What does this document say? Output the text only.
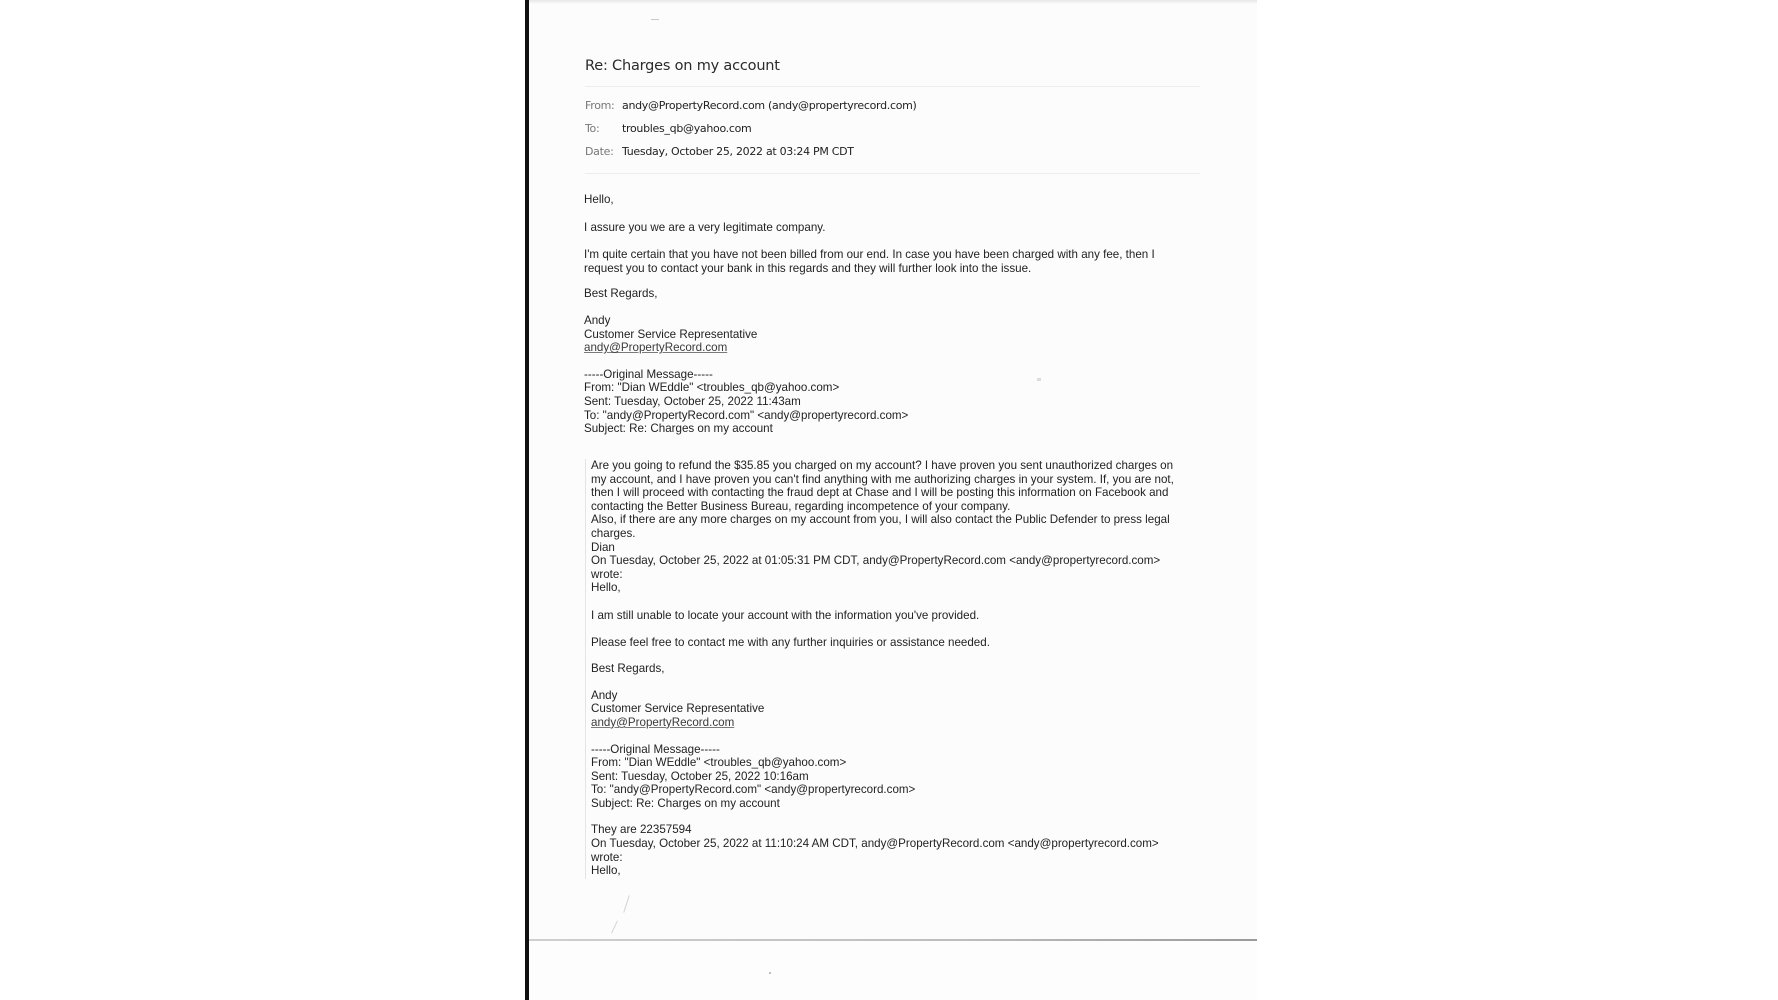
Re: Charges on my account
From: andy@PropertyRecord.com (andy@propertyrecord.com)
To: troubles_qb@yahoo.com
Date: Tuesday, October 25, 2022 at 03:24 PM CDT
Hello,
I assure you we are a very legitimate company.
I'm quite certain that you have not been billed from our end. In case you have been charged with any fee, then I
request you to contact your bank in this regards and they will further look into the issue.
Best Regards,
Andy
Customer Service Representative
andy@PropertyRecord.com
-----Original Message-----
From: "Dian WEddle" <troubles_qb@yahoo.com>
Sent: Tuesday, October 25, 2022 11:43am
To: "andy@PropertyRecord.com" <andy@propertyrecord.com>
Subject: Re: Charges on my account
Are you going to refund the $35.85 you charged on my account? I have proven you sent unauthorized charges on
my account, and I have proven you can't find anything with me authorizing charges in your system. If, you are not,
then I will proceed with contacting the fraud dept at Chase and I will be posting this information on Facebook and
contacting the Better Business Bureau, regarding incompetence of your company.
Also, if there are any more charges on my account from you, I will also contact the Public Defender to press legal
charges.
Dian
On Tuesday, October 25, 2022 at 01:05:31 PM CDT, andy@PropertyRecord.com <andy@propertyrecord.com>
wrote:
Hello,
I am still unable to locate your account with the information you've provided.
Please feel free to contact me with any further inquiries or assistance needed.
Best Regards,
Andy
Customer Service Representative
andy@PropertyRecord.com
-----Original Message-----
From: "Dian WEddle" <troubles_qb@yahoo.com>
Sent: Tuesday, October 25, 2022 10:16am
To: "andy@PropertyRecord.com" <andy@propertyrecord.com>
Subject: Re: Charges on my account
They are 22357594
On Tuesday, October 25, 2022 at 11:10:24 AM CDT, andy@PropertyRecord.com <andy@propertyrecord.com>
wrote:
Hello,
